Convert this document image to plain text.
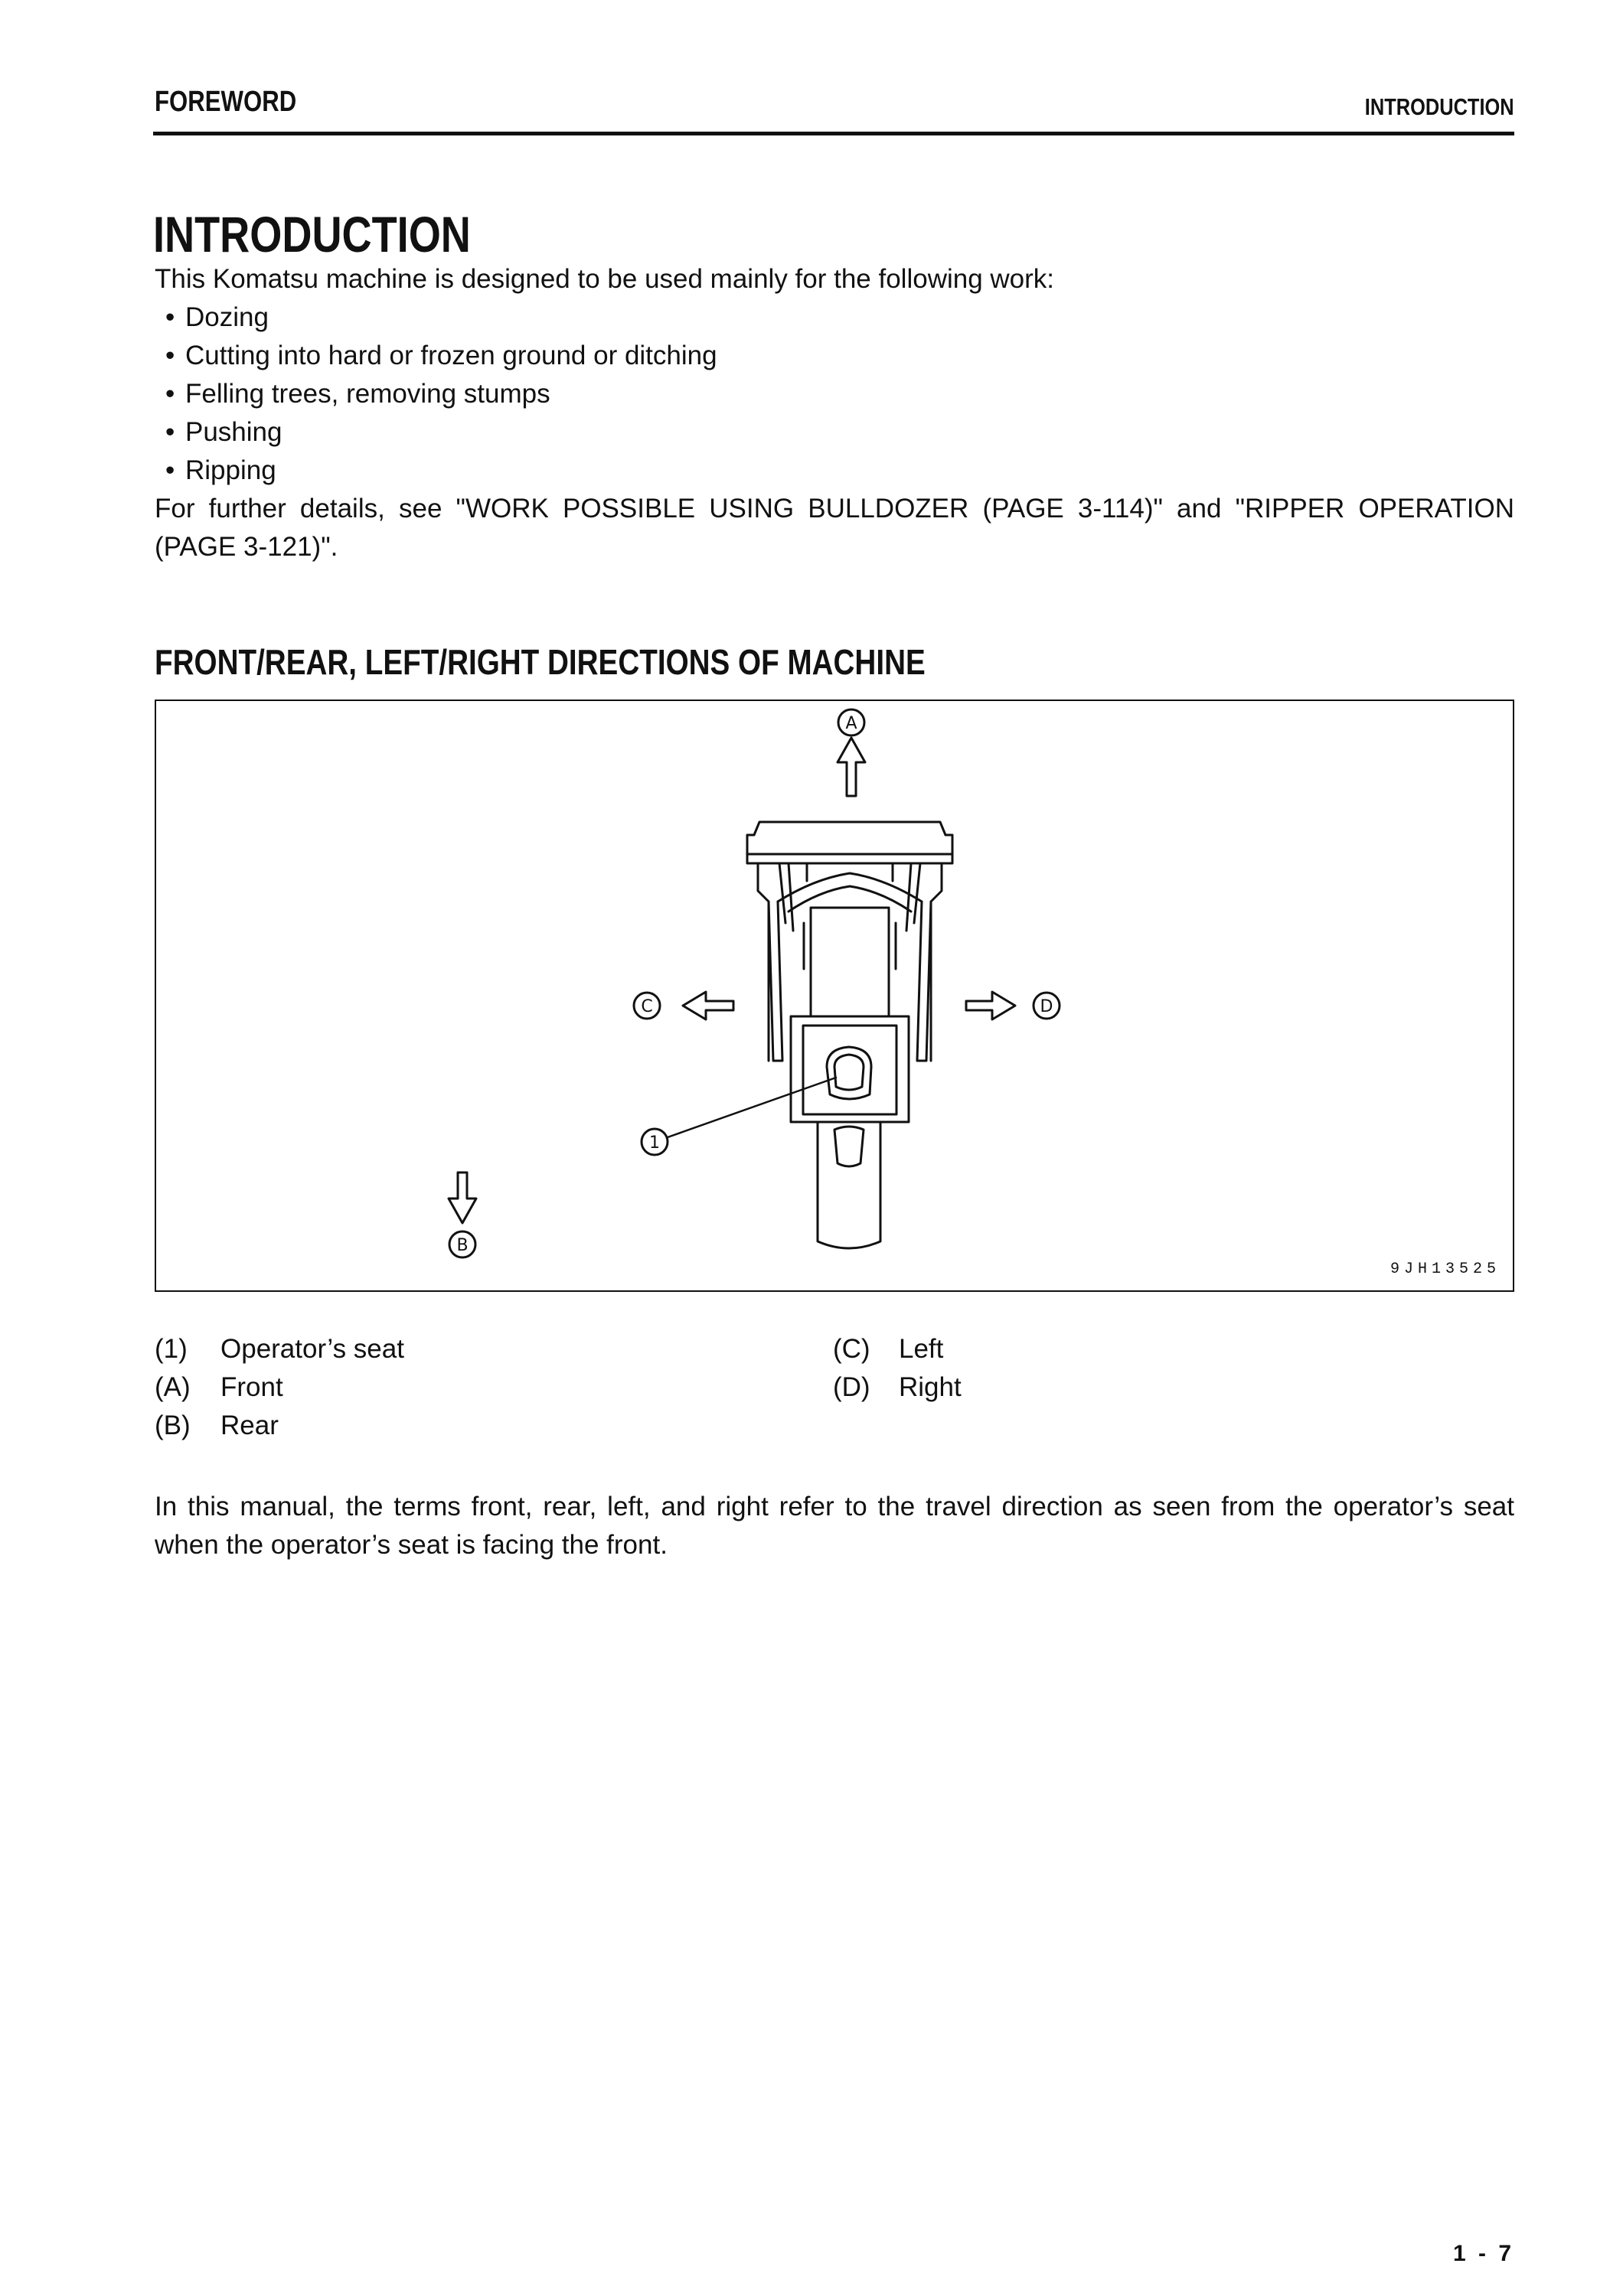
FOREWORD	INTRODUCTION
INTRODUCTION
This Komatsu machine is designed to be used mainly for the following work:
• Dozing
• Cutting into hard or frozen ground or ditching
• Felling trees, removing stumps
• Pushing
• Ripping
For further details, see "WORK POSSIBLE USING BULLDOZER (PAGE 3-114)" and "RIPPER OPERATION (PAGE 3-121)".
FRONT/REAR, LEFT/RIGHT DIRECTIONS OF MACHINE
A
B
C	D
1
9JH13525
(1) Operator’s seat
(A) Front
(B) Rear
(C) Left
(D) Right
In this manual, the terms front, rear, left, and right refer to the travel direction as seen from the operator’s seat when the operator’s seat is facing the front.
1 - 7
